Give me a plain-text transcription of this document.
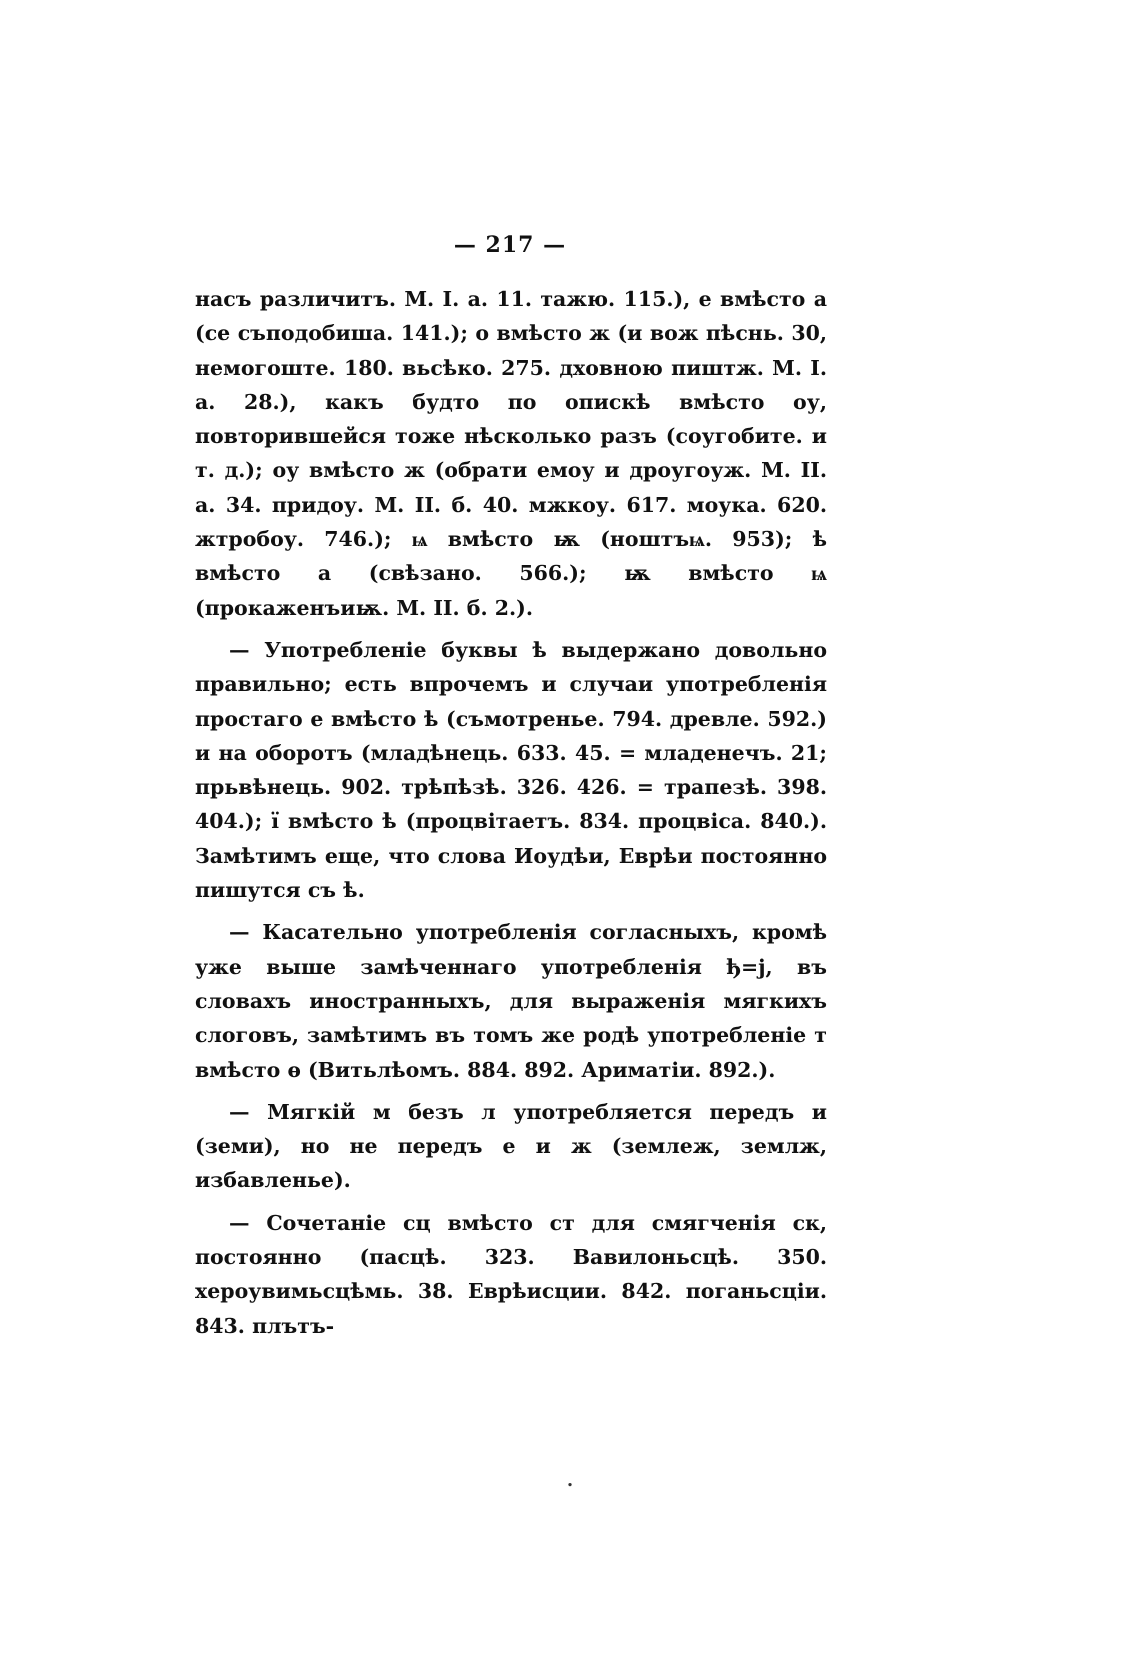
— 217 —

насъ различитъ. М. І. а. 11. тажю. 115.), е вмѣсто а (се съподобиша. 141.); о вмѣсто ж (и вож пѣснь. 30, немогоште. 180. вьсѣко. 275. дховною пиштж. М. І. а. 28.), какъ будто по опискѣ вмѣсто оу, повторившейся тоже нѣсколько разъ (соугобите. и т. д.); оу вмѣсто ж (обрати емоу и дроугоуж. М. ІІ. а. 34. придоу. М. ІІ. б. 40. мжкоу. 617. моука. 620. жтробоу. 746.); ѩ вмѣсто ѭ (ноштъѩ. 953); ѣ вмѣсто а (свѣзано. 566.); ѭ вмѣсто ѩ (прокаженъиѭ. М. ІІ. б. 2.).

— Употребленіе буквы ѣ выдержано довольно правильно; есть впрочемъ и случаи употребленія простаго е вмѣсто ѣ (съмотренье. 794. древле. 592.) и на оборотъ (младѣнець. 633. 45. = младенечъ. 21; прьвѣнець. 902. трѣпѣзѣ. 326. 426. = трапезѣ. 398. 404.); ї вмѣсто ѣ (процвітаетъ. 834. процвіса. 840.). Замѣтимъ еще, что слова Иоудѣи, Еврѣи постоянно пишутся съ ѣ.

— Касательно употребленія согласныхъ, кромѣ уже выше замѣченнаго употребленія ђ=j, въ словахъ иностранныхъ, для выраженія мягкихъ слоговъ, замѣтимъ въ томъ же родѣ употребленіе т вмѣсто ѳ (Витьлѣомъ. 884. 892. Ариматіи. 892.).

— Мягкій м безъ л употребляется передъ и (земи), но не передъ е и ж (землеж, землж, избавленье).

— Сочетаніе сц вмѣсто ст для смягченія ск, постоянно (пасцѣ. 323. Вавилоньсцѣ. 350. хероувимьсцѣмь. 38. Еврѣисции. 842. поганьсціи. 843. плътъ-

.
